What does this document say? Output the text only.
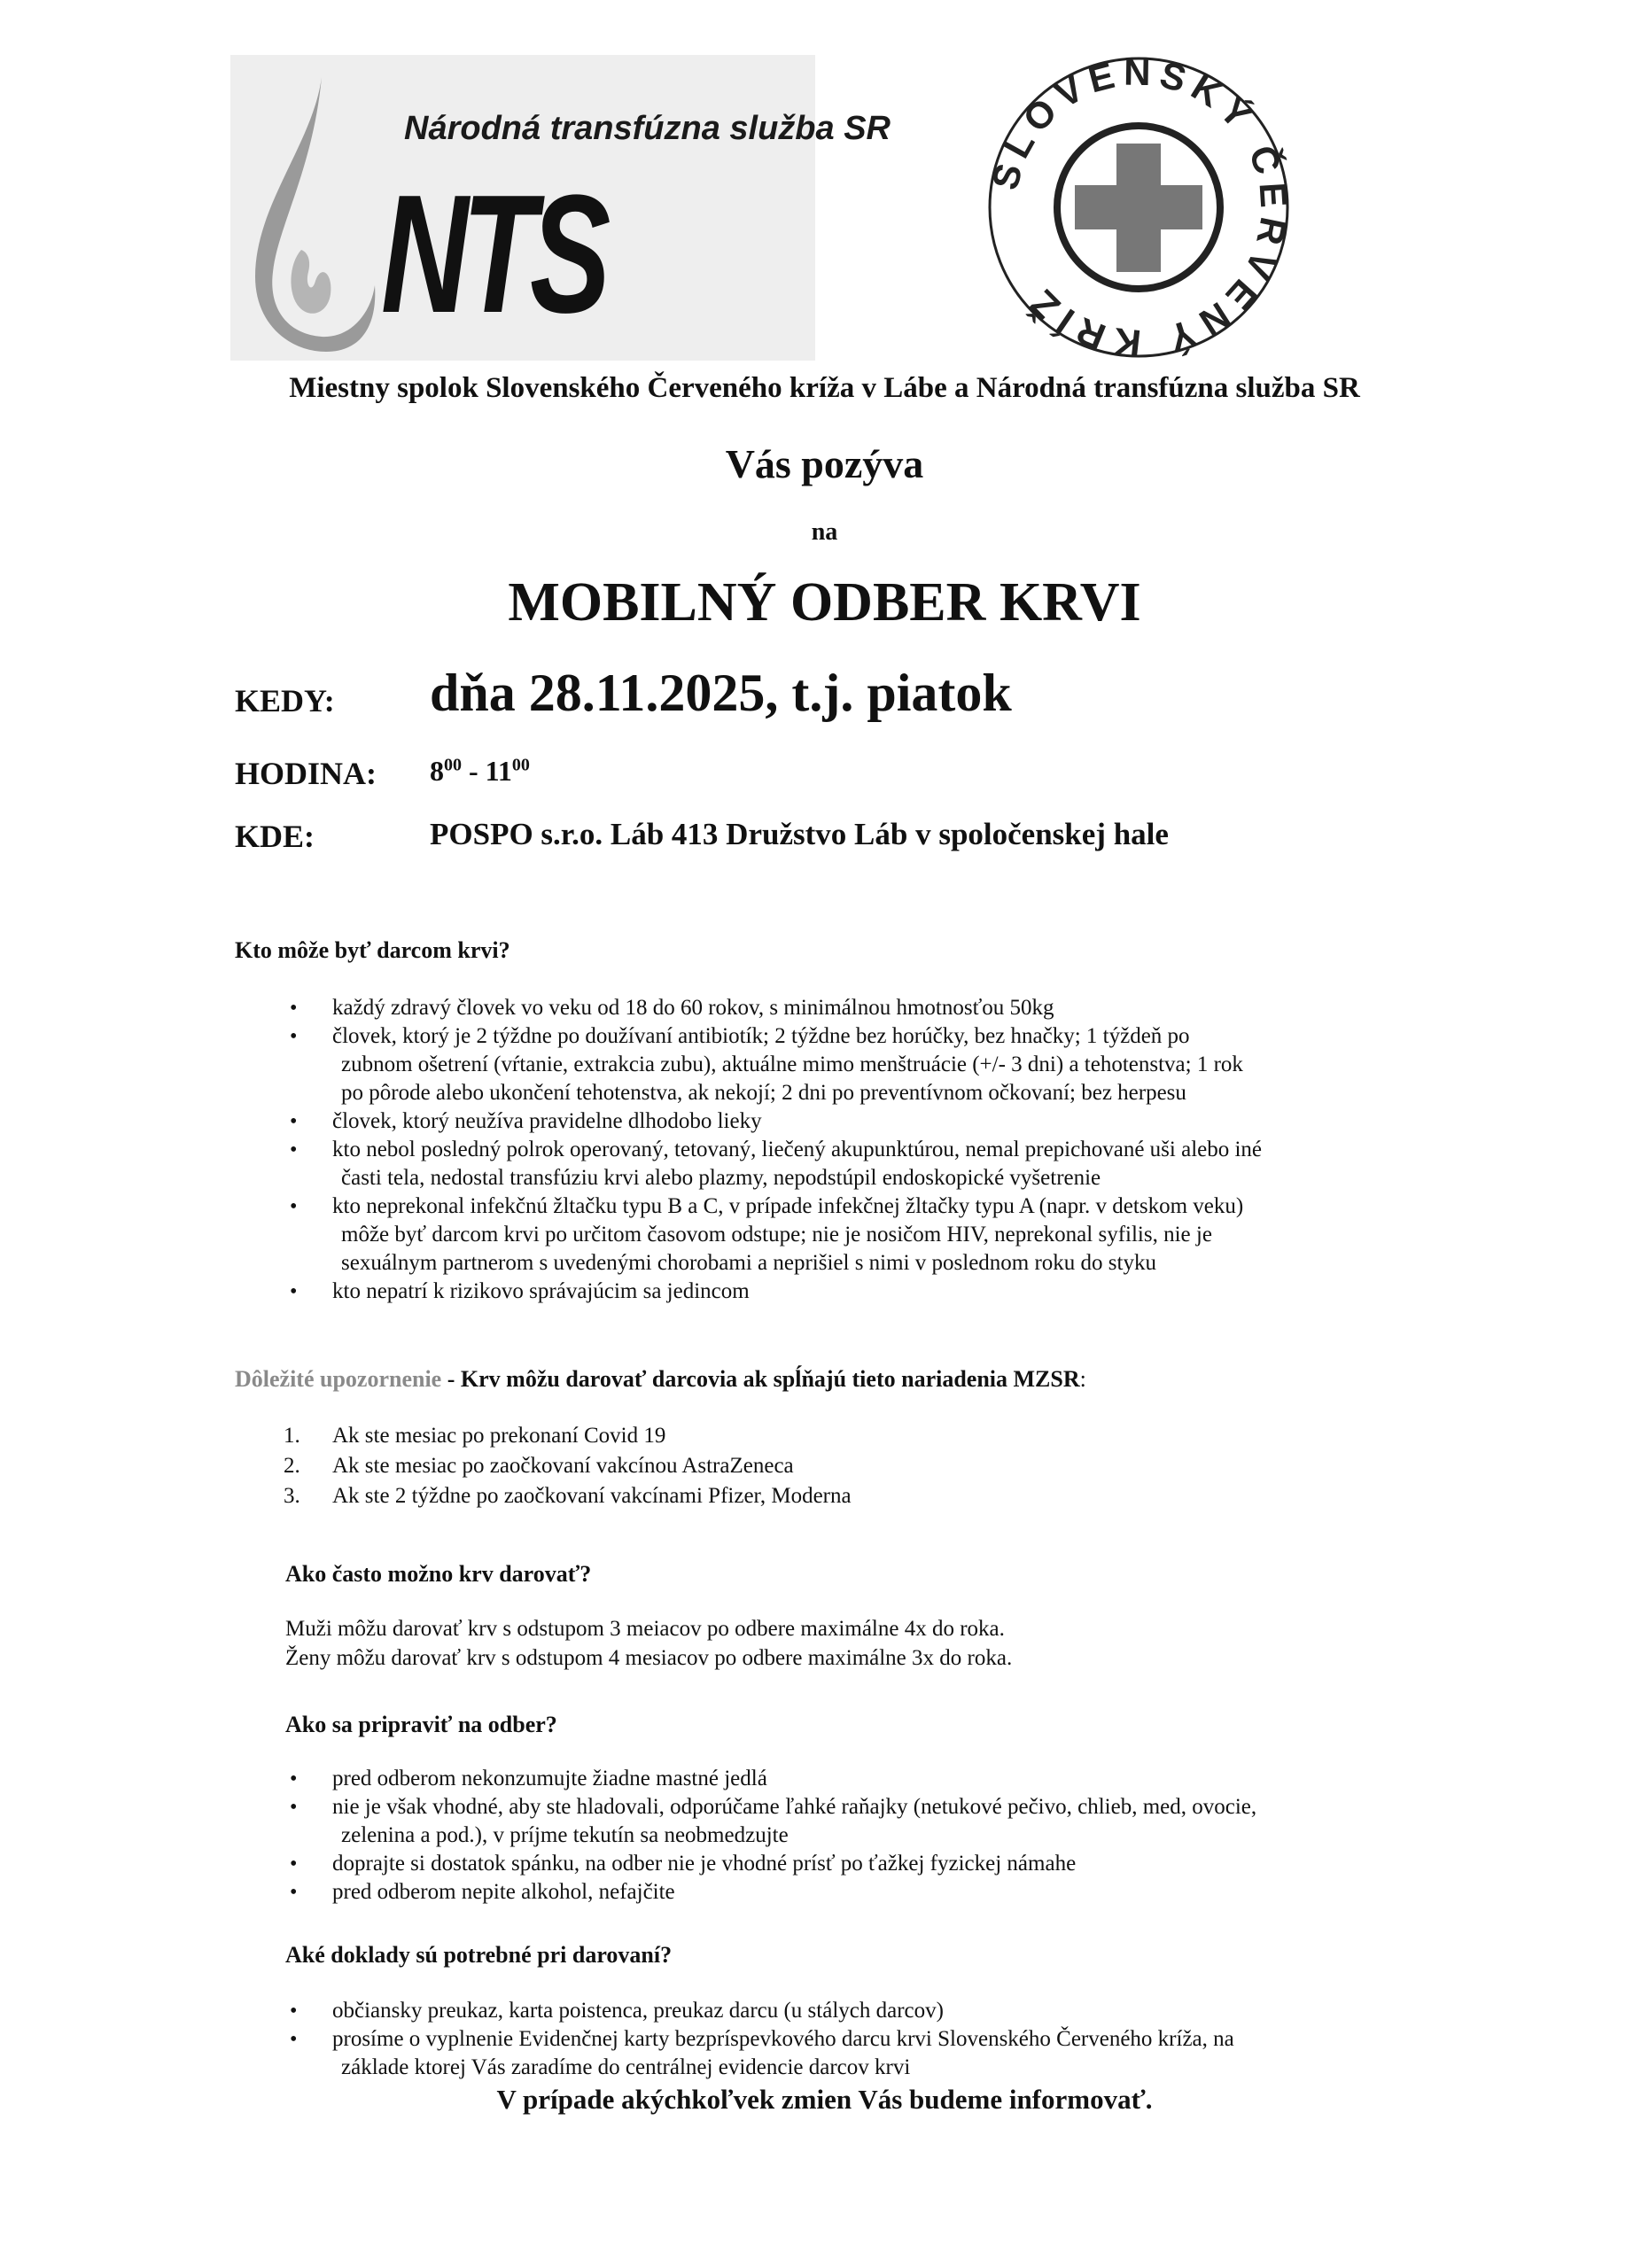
Národná transfúzna služba SR
NTS	SLOVENSKÝ ČERVENÝ KRÍŽ
Miestny spolok Slovenského Červeného kríža v Lábe a Národná transfúzna služba SR
Vás pozýva
na
MOBILNÝ ODBER KRVI
KEDY: dňa 28.11.2025, t.j. piatok
HODINA: $8^{00} - 11^{00}$
KDE:	POSPO s.r.o. Láb 413 Družstvo Láb v spoločenskej hale
Kto môže byť darcom krvi?
• každý zdravý človek vo veku od 18 do 60 rokov, s minimálnou hmotnosťou 50kg
• človek, ktorý je 2 týždne po doužívaní antibiotík; 2 týždne bez horúčky, bez hnačky; 1 týždeň po
zubnom ošetrení (vŕtanie, extrakcia zubu), aktuálne mimo menštruácie (+/- 3 dni) a tehotenstva; 1 rok
po pôrode alebo ukončení tehotenstva, ak nekojí; 2 dni po preventívnom očkovaní; bez herpesu
• človek, ktorý neužíva pravidelne dlhodobo lieky
• kto nebol posledný polrok operovaný, tetovaný, liečený akupunktúrou, nemal prepichované uši alebo iné
časti tela, nedostal transfúziu krvi alebo plazmy, nepodstúpil endoskopické vyšetrenie
• kto neprekonal infekčnú žltačku typu B a C, v prípade infekčnej žltačky typu A (napr. v detskom veku)
môže byť darcom krvi po určitom časovom odstupe; nie je nosičom HIV, neprekonal syfilis, nie je
sexuálnym partnerom s uvedenými chorobami a neprišiel s nimi v poslednom roku do styku
• kto nepatrí k rizikovo správajúcim sa jedincom
Dôležité upozornenie - Krv môžu darovať darcovia ak spĺňajú tieto nariadenia MZSR:
1. Ak ste mesiac po prekonaní Covid 19
2. Ak ste mesiac po zaočkovaní vakcínou AstraZeneca
3. Ak ste 2 týždne po zaočkovaní vakcínami Pfizer, Moderna
Ako často možno krv darovať?
Muži môžu darovať krv s odstupom 3 meiacov po odbere maximálne 4x do roka.
Ženy môžu darovať krv s odstupom 4 mesiacov po odbere maximálne 3x do roka.
Ako sa pripraviť na odber?
• pred odberom nekonzumujte žiadne mastné jedlá
• nie je však vhodné, aby ste hladovali, odporúčame ľahké raňajky (netukové pečivo, chlieb, med, ovocie,
zelenina a pod.), v príjme tekutín sa neobmedzujte
• doprajte si dostatok spánku, na odber nie je vhodné prísť po ťažkej fyzickej námahe
• pred odberom nepite alkohol, nefajčite
Aké doklady sú potrebné pri darovaní?
• občiansky preukaz, karta poistenca, preukaz darcu (u stálych darcov)
• prosíme o vyplnenie Evidenčnej karty bezpríspevkového darcu krvi Slovenského Červeného kríža, na
základe ktorej Vás zaradíme do centrálnej evidencie darcov krvi
V prípade akýchkoľvek zmien Vás budeme informovať.
